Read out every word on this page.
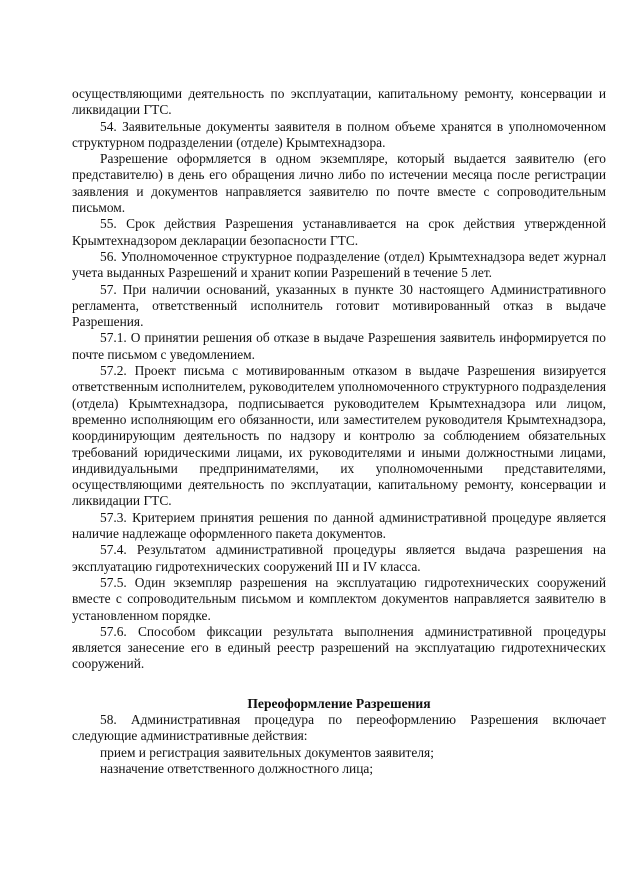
осуществляющими деятельность по эксплуатации, капитальному ремонту, консервации и ликвидации ГТС.

54. Заявительные документы заявителя в полном объеме хранятся в уполномоченном структурном подразделении (отделе) Крымтехнадзора.

Разрешение оформляется в одном экземпляре, который выдается заявителю (его представителю) в день его обращения лично либо по истечении месяца после регистрации заявления и документов направляется заявителю по почте вместе с сопроводительным письмом.

55. Срок действия Разрешения устанавливается на срок действия утвержденной Крымтехнадзором декларации безопасности ГТС.

56. Уполномоченное структурное подразделение (отдел) Крымтехнадзора ведет журнал учета выданных Разрешений и хранит копии Разрешений в течение 5 лет.

57. При наличии оснований, указанных в пункте 30 настоящего Административного регламента, ответственный исполнитель готовит мотивированный отказ в выдаче Разрешения.

57.1. О принятии решения об отказе в выдаче Разрешения заявитель информируется по почте письмом с уведомлением.

57.2. Проект письма с мотивированным отказом в выдаче Разрешения визируется ответственным исполнителем, руководителем уполномоченного структурного подразделения (отдела) Крымтехнадзора, подписывается руководителем Крымтехнадзора или лицом, временно исполняющим его обязанности, или заместителем руководителя Крымтехнадзора, координирующим деятельность по надзору и контролю за соблюдением обязательных требований юридическими лицами, их руководителями и иными должностными лицами, индивидуальными предпринимателями, их уполномоченными представителями, осуществляющими деятельность по эксплуатации, капитальному ремонту, консервации и ликвидации ГТС.

57.3. Критерием принятия решения по данной административной процедуре является наличие надлежаще оформленного пакета документов.

57.4. Результатом административной процедуры является выдача разрешения на эксплуатацию гидротехнических сооружений III и IV класса.

57.5. Один экземпляр разрешения на эксплуатацию гидротехнических сооружений вместе с сопроводительным письмом и комплектом документов направляется заявителю в установленном порядке.

57.6. Способом фиксации результата выполнения административной процедуры является занесение его в единый реестр разрешений на эксплуатацию гидротехнических сооружений.

Переоформление Разрешения

58. Административная процедура по переоформлению Разрешения включает следующие административные действия:

прием и регистрация заявительных документов заявителя;

назначение ответственного должностного лица;
